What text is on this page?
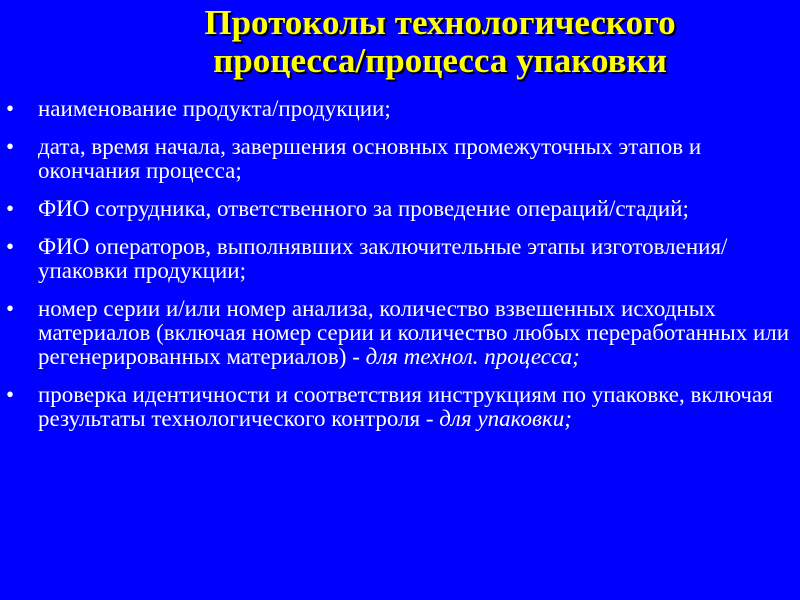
Протоколы технологического
процесса/процесса упаковки
•	наименование продукта/продукции;
•	дата, время начала, завершения основных промежуточных этапов и окончания процесса;
•	ФИО сотрудника, ответственного за проведение операций/стадий;
•	ФИО операторов, выполнявших заключительные этапы изготовления/упаковки продукции;
•	номер серии и/или номер анализа, количество взвешенных исходных материалов (включая номер серии и количество любых переработанных или регенерированных материалов) - для технол. процесса;
•	проверка идентичности и соответствия инструкциям по упаковке, включая результаты технологического контроля - для упаковки;
